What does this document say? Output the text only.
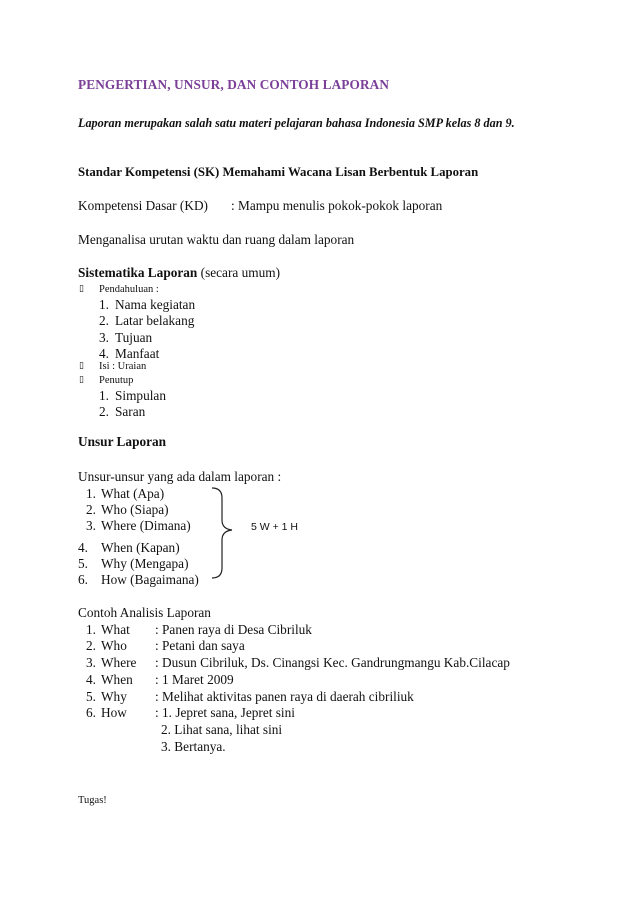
PENGERTIAN, UNSUR, DAN CONTOH LAPORAN
Laporan merupakan salah satu materi pelajaran bahasa Indonesia SMP kelas 8 dan 9.
Standar Kompetensi (SK) Memahami Wacana Lisan Berbentuk Laporan
Kompetensi Dasar (KD) : Mampu menulis pokok-pokok laporan
Menganalisa urutan waktu dan ruang dalam laporan
Sistematika Laporan (secara umum)
▯ Pendahuluan :
1. Nama kegiatan
2. Latar belakang
3. Tujuan
4. Manfaat
▯ Isi : Uraian
▯ Penutup
1. Simpulan
2. Saran
Unsur Laporan
Unsur-unsur yang ada dalam laporan :
1. What (Apa)
2. Who (Siapa)
3. Where (Dimana)
4. When (Kapan)
5. Why (Mengapa)
6. How (Bagaimana)
5 W + 1 H
Contoh Analisis Laporan
1. What : Panen raya di Desa Cibriluk
2. Who : Petani dan saya
3. Where : Dusun Cibriluk, Ds. Cinangsi Kec. Gandrungmangu Kab.Cilacap
4. When : 1 Maret 2009
5. Why : Melihat aktivitas panen raya di daerah cibriliuk
6. How : 1. Jepret sana, Jepret sini
2. Lihat sana, lihat sini
3. Bertanya.
Tugas!
